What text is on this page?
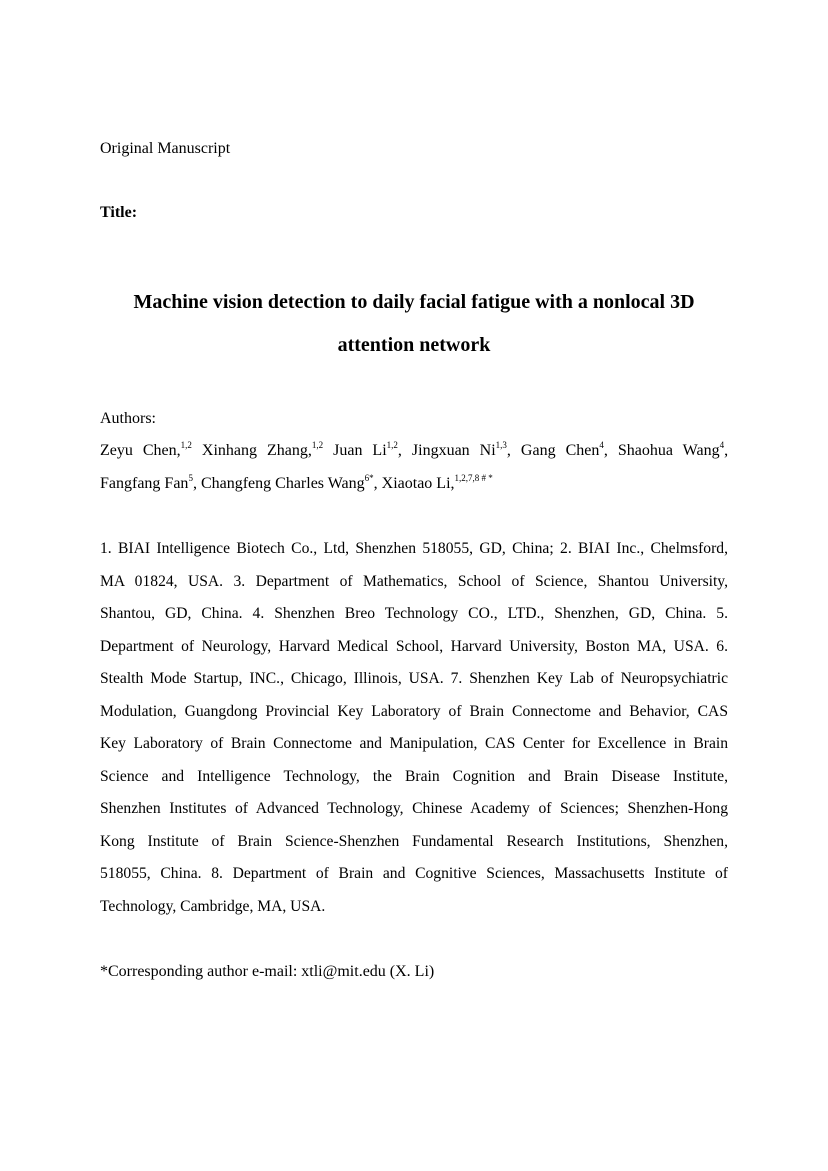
Original Manuscript
Title:
Machine vision detection to daily facial fatigue with a nonlocal 3D
attention network
Authors:
Zeyu Chen,$^{1,2}$ Xinhang Zhang,$^{1,2}$ Juan Li$^{1,2}$, Jingxuan Ni$^{1,3}$, Gang Chen$^4$, Shaohua Wang$^4$,
Fangfang Fan$^5$, Changfeng Charles Wang$^{6*}$, Xiaotao Li,$^{1,2,7,8 \# *}$
1. BIAI Intelligence Biotech Co., Ltd, Shenzhen 518055, GD, China; 2. BIAI Inc., Chelmsford,
MA 01824, USA. 3. Department of Mathematics, School of Science, Shantou University,
Shantou, GD, China. 4. Shenzhen Breo Technology CO., LTD., Shenzhen, GD, China. 5.
Department of Neurology, Harvard Medical School, Harvard University, Boston MA, USA. 6.
Stealth Mode Startup, INC., Chicago, Illinois, USA. 7. Shenzhen Key Lab of Neuropsychiatric
Modulation, Guangdong Provincial Key Laboratory of Brain Connectome and Behavior, CAS
Key Laboratory of Brain Connectome and Manipulation, CAS Center for Excellence in Brain
Science and Intelligence Technology, the Brain Cognition and Brain Disease Institute,
Shenzhen Institutes of Advanced Technology, Chinese Academy of Sciences; Shenzhen-Hong
Kong Institute of Brain Science-Shenzhen Fundamental Research Institutions, Shenzhen,
518055, China. 8. Department of Brain and Cognitive Sciences, Massachusetts Institute of
Technology, Cambridge, MA, USA.
*Corresponding author e-mail: xtli@mit.edu (X. Li)
